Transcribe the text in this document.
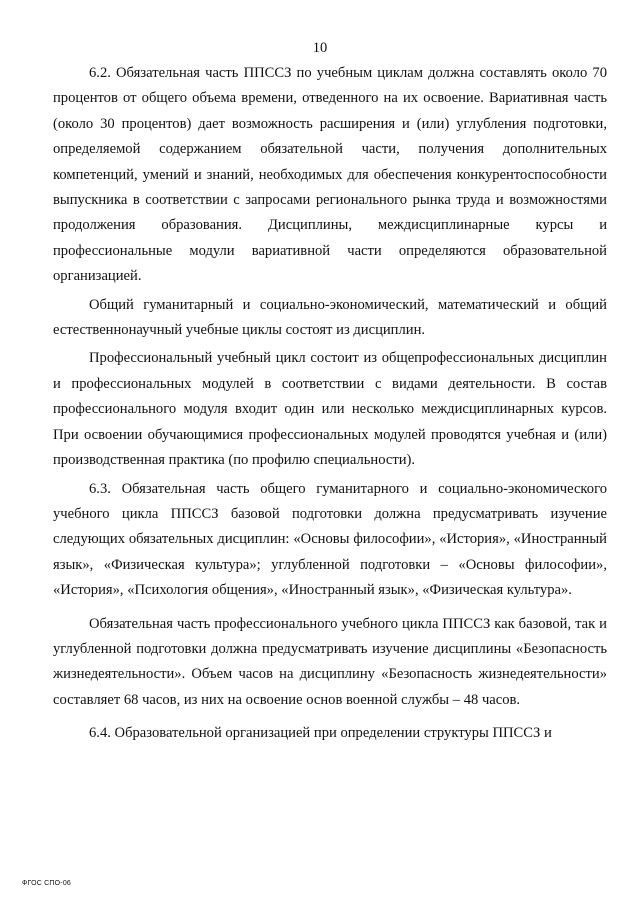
10

6.2. Обязательная часть ППССЗ по учебным циклам должна составлять около 70 процентов от общего объема времени, отведенного на их освоение. Вариативная часть (около 30 процентов) дает возможность расширения и (или) углубления подготовки, определяемой содержанием обязательной части, получения дополнительных компетенций, умений и знаний, необходимых для обеспечения конкурентоспособности выпускника в соответствии с запросами регионального рынка труда и возможностями продолжения образования. Дисциплины, междисциплинарные курсы и профессиональные модули вариативной части определяются образовательной организацией.

Общий гуманитарный и социально-экономический, математический и общий естественнонаучный учебные циклы состоят из дисциплин.

Профессиональный учебный цикл состоит из общепрофессиональных дисциплин и профессиональных модулей в соответствии с видами деятельности. В состав профессионального модуля входит один или несколько междисциплинарных курсов. При освоении обучающимися профессиональных модулей проводятся учебная и (или) производственная практика (по профилю специальности).

6.3. Обязательная часть общего гуманитарного и социально-экономического учебного цикла ППССЗ базовой подготовки должна предусматривать изучение следующих обязательных дисциплин: «Основы философии», «История», «Иностранный язык», «Физическая культура»; углубленной подготовки – «Основы философии», «История», «Психология общения», «Иностранный язык», «Физическая культура».

Обязательная часть профессионального учебного цикла ППССЗ как базовой, так и углубленной подготовки должна предусматривать изучение дисциплины «Безопасность жизнедеятельности». Объем часов на дисциплину «Безопасность жизнедеятельности» составляет 68 часов, из них на освоение основ военной службы – 48 часов.

6.4. Образовательной организацией при определении структуры ППССЗ и

ФГОС СПО-06
